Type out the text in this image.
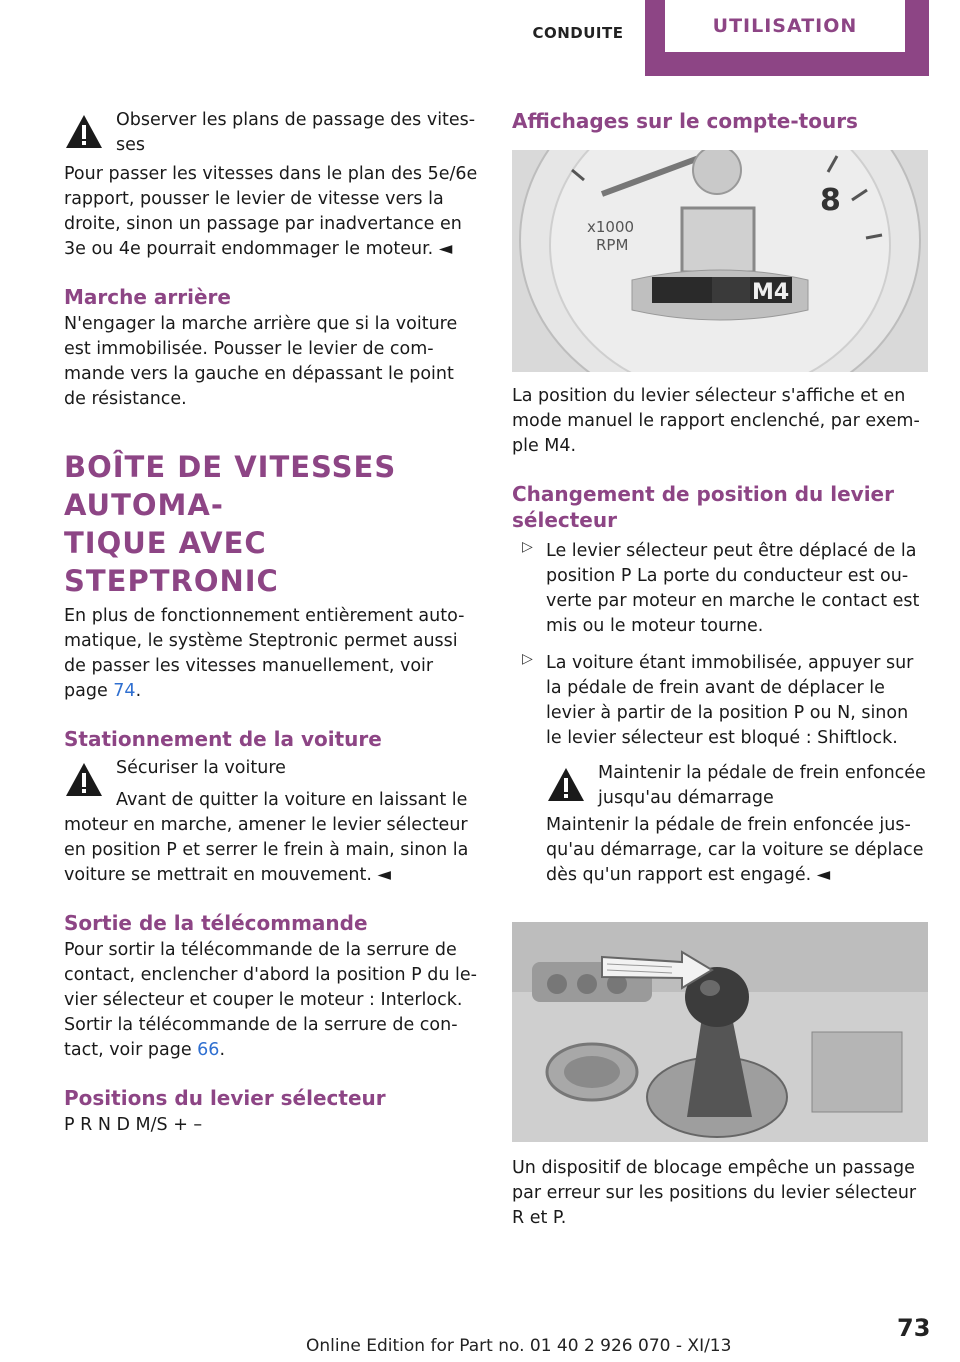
CONDUITE	UTILISATION

Observer les plans de passage des vites-ses

Pour passer les vitesses dans le plan des 5e/6e rapport, pousser le levier de vitesse vers la droite, sinon un passage par inadvertance en 3e ou 4e pourrait endommager le moteur. ◄

Marche arrière

N'engager la marche arrière que si la voiture est immobilisée. Pousser le levier de com-mande vers la gauche en dépassant le point de résistance.

BOÎTE DE VITESSES AUTOMA-

TIQUE AVEC STEPTRONIC

En plus de fonctionnement entièrement auto-matique, le système Steptronic permet aussi de passer les vitesses manuellement, voir page 74.

Stationnement de la voiture

Sécuriser la voiture

Avant de quitter la voiture en laissant le moteur en marche, amener le levier sélecteur en position P et serrer le frein à main, sinon la voiture se mettrait en mouvement. ◄

Sortie de la télécommande

Pour sortir la télécommande de la serrure de contact, enclencher d'abord la position P du le-vier sélecteur et couper le moteur : Interlock. Sortir la télécommande de la serrure de con-tact, voir page 66.

Positions du levier sélecteur

P R N D M/S + –

Affichages sur le compte-tours

x1000
RPM
8
M4

La position du levier sélecteur s'affiche et en mode manuel le rapport enclenché, par exem-ple M4.

Changement de position du levier sélecteur

▷ Le levier sélecteur peut être déplacé de la position P La porte du conducteur est ou-verte par moteur en marche le contact est mis ou le moteur tourne.

▷ La voiture étant immobilisée, appuyer sur la pédale de frein avant de déplacer le levier à partir de la position P ou N, sinon le levier sélecteur est bloqué : Shiftlock.

Maintenir la pédale de frein enfoncée jusqu'au démarrage

Maintenir la pédale de frein enfoncée jus-qu'au démarrage, car la voiture se déplace dès qu'un rapport est engagé. ◄

Un dispositif de blocage empêche un passage par erreur sur les positions du levier sélecteur R et P.

73
Online Edition for Part no. 01 40 2 926 070 - XI/13
